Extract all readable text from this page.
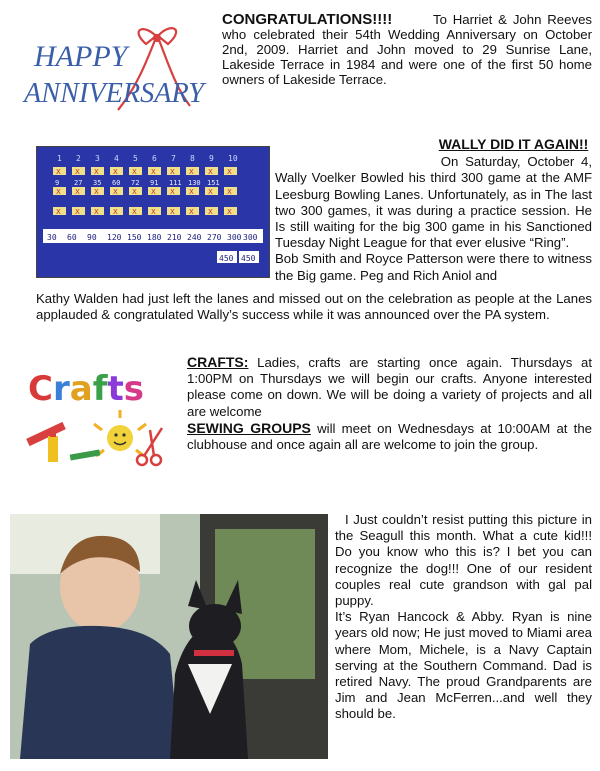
HAPPY
ANNIVERSARY

CONGRATULATIONS!!!!	To Harriet & John Reeves who celebrated their 54th Wedding Anniversary on October 2nd, 2009. Harriet and John moved to 29 Sunrise Lane, Lakeside Terrace in 1984 and were one of the first 50 home owners of Lakeside Terrace.

1 2 3 4 5 6 7 8 9 10
X X X X X X X X X X
X X X X X X X X X X
X X X X X X X X X X
9 27 35 60 72 91 111 130 151
30 60 90 120 150 180 210 240 270 300 300
450 450

WALLY DID IT AGAIN!!

On Saturday, October 4, Wally Voelker Bowled his third 300 game at the AMF Leesburg Bowling Lanes. Unfortunately, as in The last two 300 games, it was during a practice session. He Is still waiting for the big 300 game in his Sanctioned Tuesday Night League for that ever elusive “Ring”.

Bob Smith and Royce Patterson were there to witness the Big game. Peg and Rich Aniol and

Kathy Walden had just left the lanes and missed out on the celebration as people at the Lanes applauded & congratulated Wally’s success while it was announced over the PA system.
Crafts

CRAFTS: Ladies, crafts are starting once again. Thursdays at 1:00PM on Thursdays we will begin our crafts. Anyone interested please come on down. We will be doing a variety of projects and all are welcome

SEWING GROUPS will meet on Wednesdays at 10:00AM at the clubhouse and once again all are welcome to join the group.

I Just couldn’t resist putting this picture in the Seagull this month. What a cute kid!!! Do you know who this is? I bet you can recognize the dog!!! One of our resident couples real cute grandson with gal pal puppy.

It’s Ryan Hancock & Abby. Ryan is nine years old now; He just moved to Miami area where Mom, Michele, is a Navy Captain serving at the Southern Command. Dad is retired Navy. The proud Grandparents are Jim and Jean McFerren...and well they should be.
